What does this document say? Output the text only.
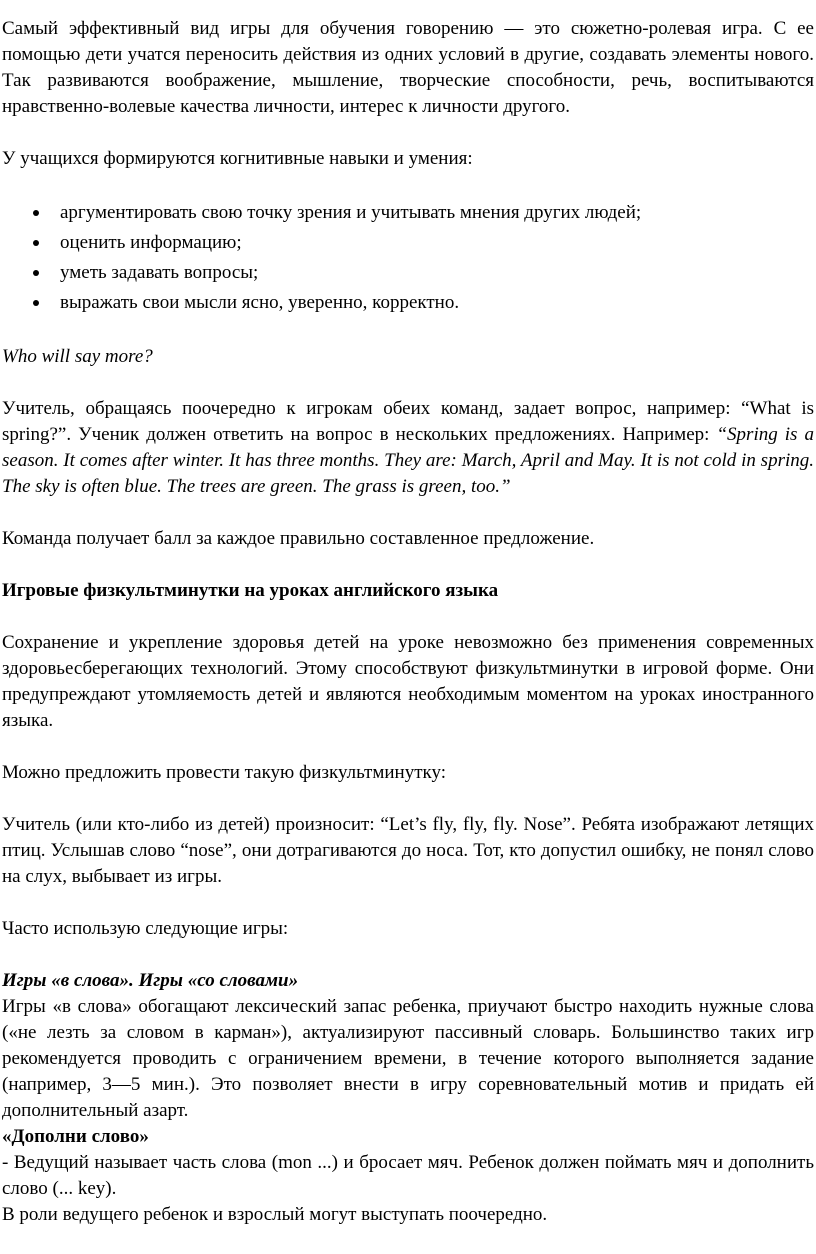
Самый эффективный вид игры для обучения говорению — это сюжетно-ролевая игра. С ее помощью дети учатся переносить действия из одних условий в другие, создавать элементы нового. Так развиваются воображение, мышление, творческие способности, речь, воспитываются нравственно-волевые качества личности, интерес к личности другого.

У учащихся формируются когнитивные навыки и умения:

аргументировать свою точку зрения и учитывать мнения других людей;
оценить информацию;
уметь задавать вопросы;
выражать свои мысли ясно, уверенно, корректно.

Who will say more?

Учитель, обращаясь поочередно к игрокам обеих команд, задает вопрос, например: “What is spring?”. Ученик должен ответить на вопрос в нескольких предложениях. Например: “Spring is a season. It comes after winter. It has three months. They are: March, April and May. It is not cold in spring. The sky is often blue. The trees are green. The grass is green, too.”

Команда получает балл за каждое правильно составленное предложение.

Игровые физкультминутки на уроках английского языка

Сохранение и укрепление здоровья детей на уроке невозможно без применения современных здоровьесберегающих технологий. Этому способствуют физкультминутки в игровой форме. Они предупреждают утомляемость детей и являются необходимым моментом на уроках иностранного языка.

Можно предложить провести такую физкультминутку:

Учитель (или кто-либо из детей) произносит: “Let’s fly, fly, fly. Nose”. Ребята изображают летящих птиц. Услышав слово “nose”, они дотрагиваются до носа. Тот, кто допустил ошибку, не понял слово на слух, выбывает из игры.

Часто использую следующие игры:

Игры «в слова». Игры «со словами»

Игры «в слова» обогащают лексический запас ребенка, приучают быстро находить нужные слова («не лезть за словом в карман»), актуализируют пассивный словарь. Большинство таких игр рекомендуется проводить с ограничением времени, в течение которого выполняется задание (например, 3—5 мин.). Это позволяет внести в игру соревновательный мотив и придать ей дополнительный азарт.

«Дополни слово»

- Ведущий называет часть слова (mon ...) и бросает мяч. Ребенок должен поймать мяч и дополнить слово (... key).

В роли ведущего ребенок и взрослый могут выступать поочередно.
